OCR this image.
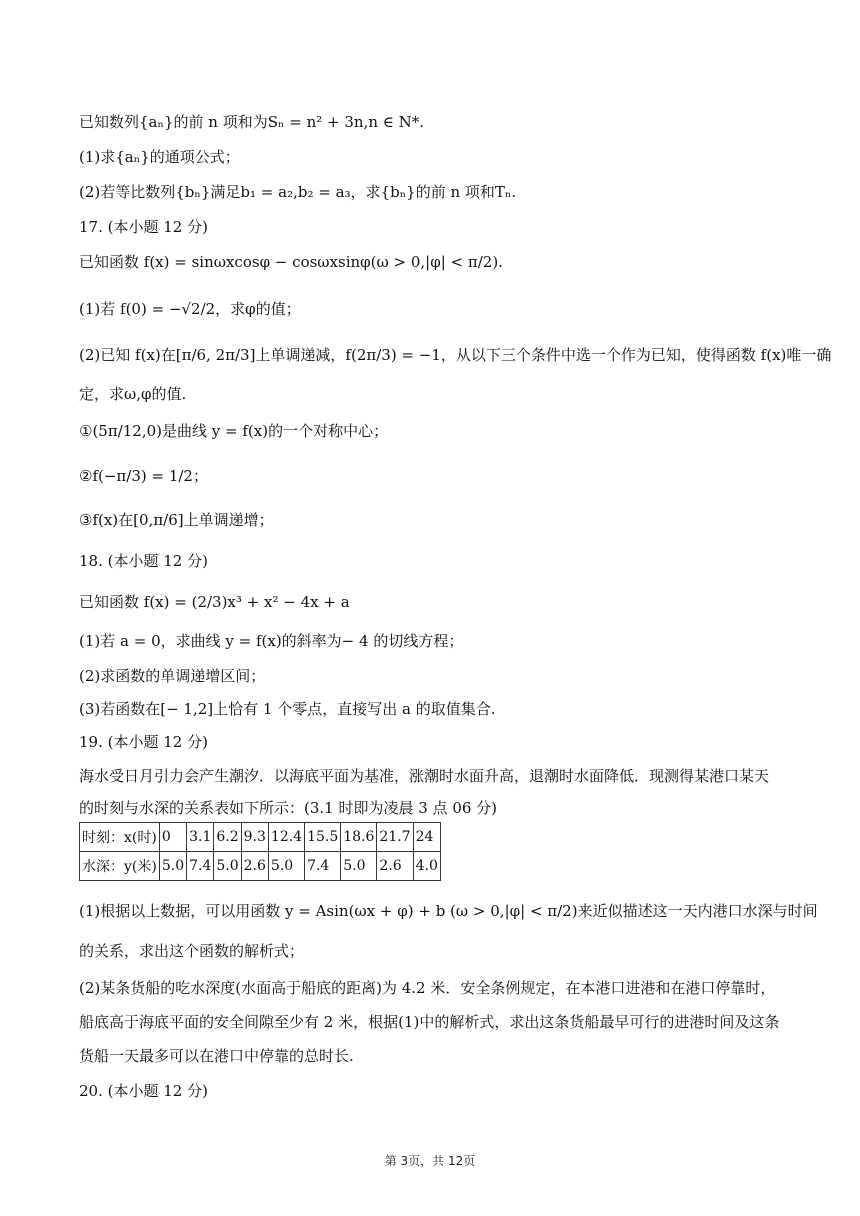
已知数列{aₙ}的前 n 项和为Sₙ = n² + 3n,n ∈ N*.
(1)求{aₙ}的通项公式；
(2)若等比数列{bₙ}满足b₁ = a₂,b₂ = a₃，求{bₙ}的前 n 项和Tₙ.
17. (本小题 12 分)
已知函数 f(x) = sinωxcosφ − cosωxsinφ(ω > 0,|φ| < π/2).
(1)若 f(0) = −√2/2，求φ的值；
(2)已知 f(x)在[π/6, 2π/3]上单调递减，f(2π/3) = −1，从以下三个条件中选一个作为已知，使得函数 f(x)唯一确
定，求ω,φ的值.
①(5π/12,0)是曲线 y = f(x)的一个对称中心；
②f(−π/3) = 1/2；
③f(x)在[0,π/6]上单调递增；
18. (本小题 12 分)
已知函数 f(x) = (2/3)x³ + x² − 4x + a
(1)若 a = 0，求曲线 y = f(x)的斜率为− 4 的切线方程；
(2)求函数的单调递增区间；
(3)若函数在[− 1,2]上恰有 1 个零点，直接写出 a 的取值集合.
19. (本小题 12 分)
海水受日月引力会产生潮汐．以海底平面为基准，涨潮时水面升高，退潮时水面降低．现测得某港口某天
的时刻与水深的关系表如下所示：(3.1 时即为凌晨 3 点 06 分)
时刻：x(时)	0	3.1	6.2	9.3	12.4	15.5	18.6	21.7	24
水深：y(米)	5.0	7.4	5.0	2.6	5.0	7.4	5.0	2.6	4.0
(1)根据以上数据，可以用函数 y = Asin(ωx + φ) + b (ω > 0,|φ| < π/2)来近似描述这一天内港口水深与时间
的关系，求出这个函数的解析式；
(2)某条货船的吃水深度(水面高于船底的距离)为 4.2 米．安全条例规定，在本港口进港和在港口停靠时，
船底高于海底平面的安全间隙至少有 2 米，根据(1)中的解析式，求出这条货船最早可行的进港时间及这条
货船一天最多可以在港口中停靠的总时长.
20. (本小题 12 分)
第 3页，共 12页
